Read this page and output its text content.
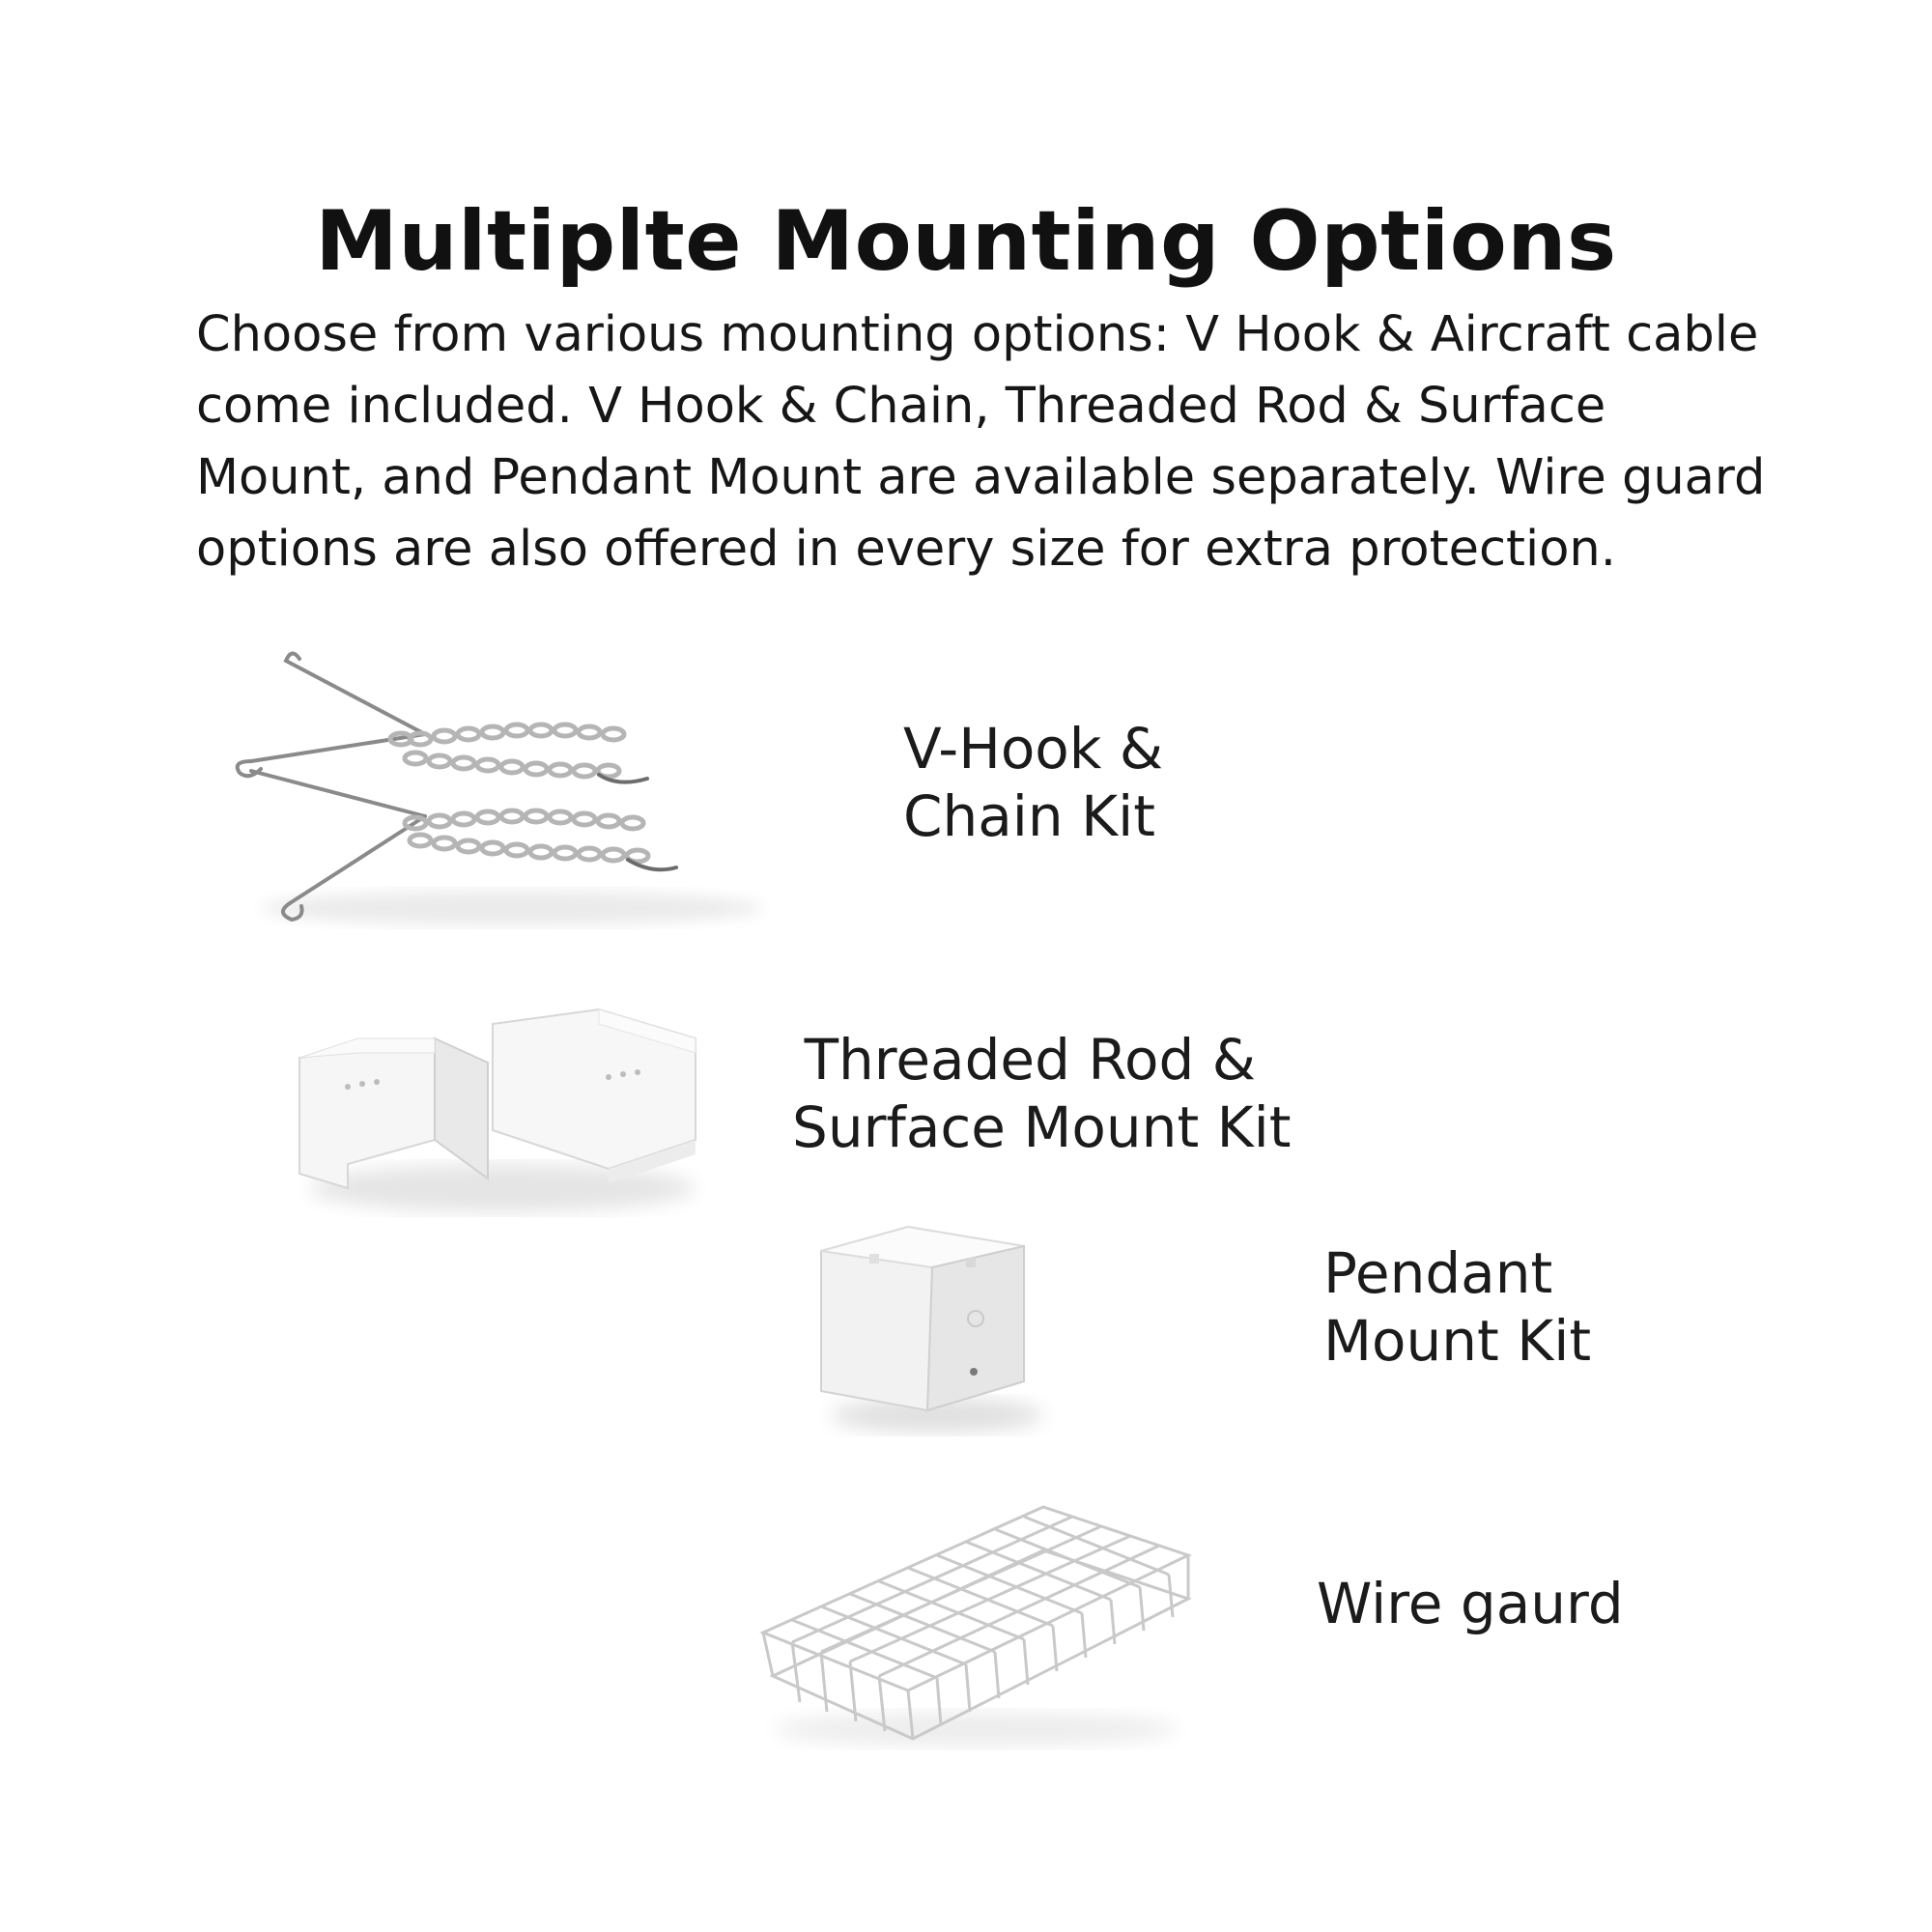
Multiplte Mounting Options
Choose from various mounting options: V Hook & Aircraft cable come included. V Hook & Chain, Threaded Rod & Surface Mount, and Pendant Mount are available separately. Wire guard options are also offered in every size for extra protection.
V-Hook &
Chain Kit
Threaded Rod &
Surface Mount Kit
Pendant
Mount Kit
Wire gaurd
